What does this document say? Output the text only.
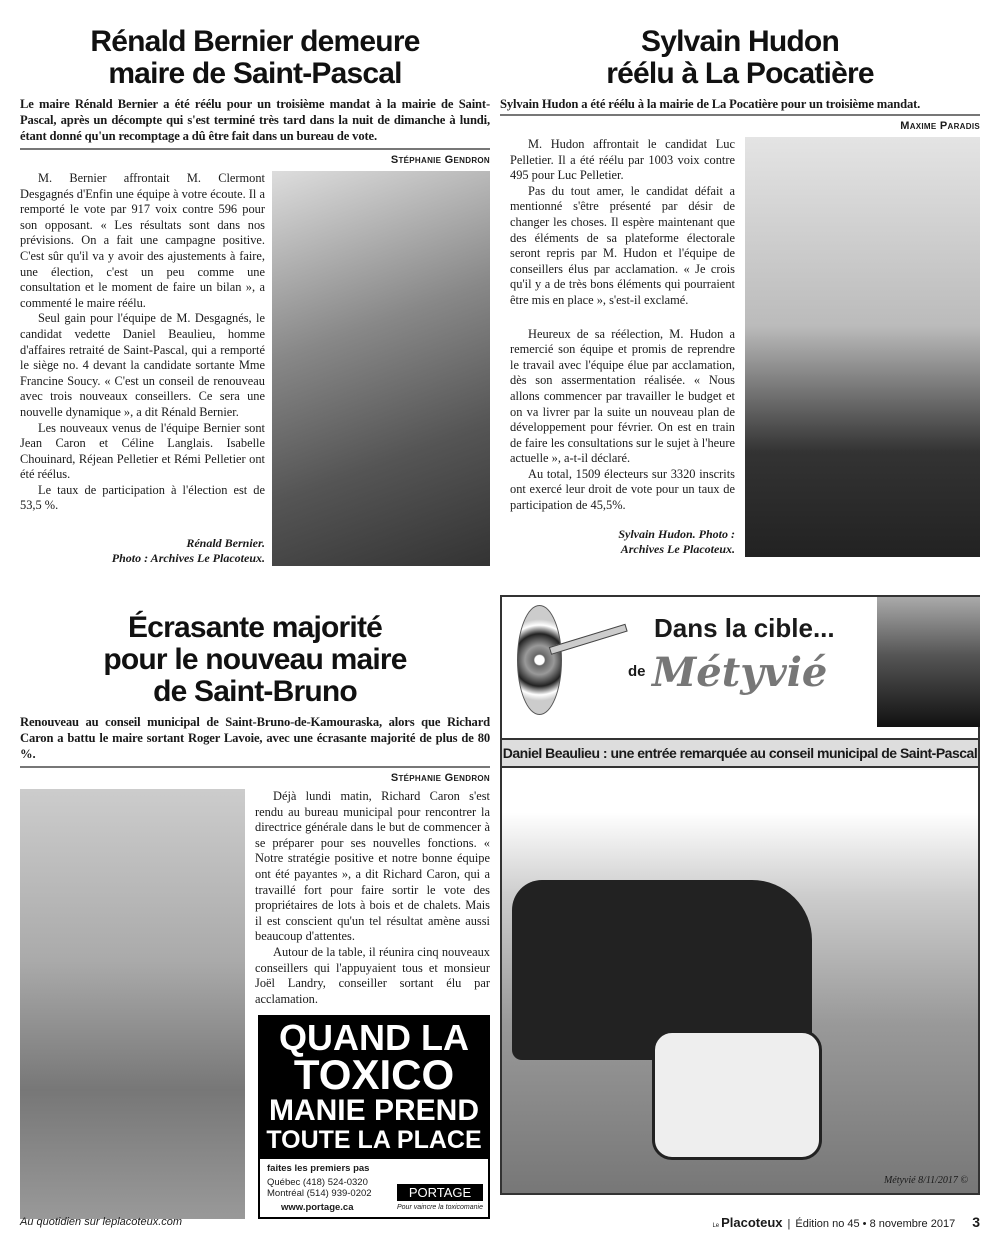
Rénald Bernier demeure
maire de Saint-Pascal
Le maire Rénald Bernier a été réélu pour un troisième mandat à la mairie de Saint-Pascal, après un décompte qui s'est terminé très tard dans la nuit de dimanche à lundi, étant donné qu'un recomptage a dû être fait dans un bureau de vote.
Stéphanie Gendron

M. Bernier affrontait M. Clermont Desgagnés d'Enfin une équipe à votre écoute. Il a remporté le vote par 917 voix contre 596 pour son opposant. « Les résultats sont dans nos prévisions. On a fait une campagne positive. C'est sûr qu'il va y avoir des ajustements à faire, une élection, c'est un peu comme une consultation et le moment de faire un bilan », a commenté le maire réélu.

Seul gain pour l'équipe de M. Desgagnés, le candidat vedette Daniel Beaulieu, homme d'affaires retraité de Saint-Pascal, qui a remporté le siège no. 4 devant la candidate sortante Mme Francine Soucy. « C'est un conseil de renouveau avec trois nouveaux conseillers. Ce sera une nouvelle dynamique », a dit Rénald Bernier.

Les nouveaux venus de l'équipe Bernier sont Jean Caron et Céline Langlais. Isabelle Chouinard, Réjean Pelletier et Rémi Pelletier ont été réélus.

Le taux de participation à l'élection est de 53,5 %.

Rénald Bernier.
Photo : Archives Le Placoteux.
Sylvain Hudon
réélu à La Pocatière
Sylvain Hudon a été réélu à la mairie de La Pocatière pour un troisième mandat.
Maxime Paradis

M. Hudon affrontait le candidat Luc Pelletier. Il a été réélu par 1003 voix contre 495 pour Luc Pelletier.

Pas du tout amer, le candidat défait a mentionné s'être présenté par désir de changer les choses. Il espère maintenant que des éléments de sa plateforme électorale seront repris par M. Hudon et l'équipe de conseillers élus par acclamation. « Je crois qu'il y a de très bons éléments qui pourraient être mis en place », s'est-il exclamé.

Heureux de sa réélection, M. Hudon a remercié son équipe et promis de reprendre le travail avec l'équipe élue par acclamation, dès son assermentation réalisée. « Nous allons commencer par travailler le budget et on va livrer par la suite un nouveau plan de développement pour février. On est en train de faire les consultations sur le sujet à l'heure actuelle », a-t-il déclaré.

Au total, 1509 électeurs sur 3320 inscrits ont exercé leur droit de vote pour un taux de participation de 45,5%.

Sylvain Hudon. Photo :
Archives Le Placoteux.
Écrasante majorité
pour le nouveau maire
de Saint-Bruno
Renouveau au conseil municipal de Saint-Bruno-de-Kamouraska, alors que Richard Caron a battu le maire sortant Roger Lavoie, avec une écrasante majorité de plus de 80 %.
Stéphanie Gendron

Déjà lundi matin, Richard Caron s'est rendu au bureau municipal pour rencontrer la directrice générale dans le but de commencer à se préparer pour ses nouvelles fonctions. « Notre stratégie positive et notre bonne équipe ont été payantes », a dit Richard Caron, qui a travaillé fort pour faire sortir le vote des propriétaires de lots à bois et de chalets. Mais il est conscient qu'un tel résultat amène aussi beaucoup d'attentes.

Autour de la table, il réunira cinq nouveaux conseillers qui l'appuyaient tous et monsieur Joël Landry, conseiller sortant élu par acclamation.

QUAND LA
TOXICO
MANIE PREND
TOUTE LA PLACE
faites les premiers pas
Québec (418) 524-0320
Montréal (514) 939-0202
www.portage.ca
PORTAGE
Pour vaincre la toxicomanie
Dans la cible...
de Métyvié
Daniel Beaulieu : une entrée remarquée au conseil municipal de Saint-Pascal
Métyvié 8/11/2017 ©
Au quotidien sur leplacoteux.com	Le Placoteux | Édition no 45 • 8 novembre 2017 3
